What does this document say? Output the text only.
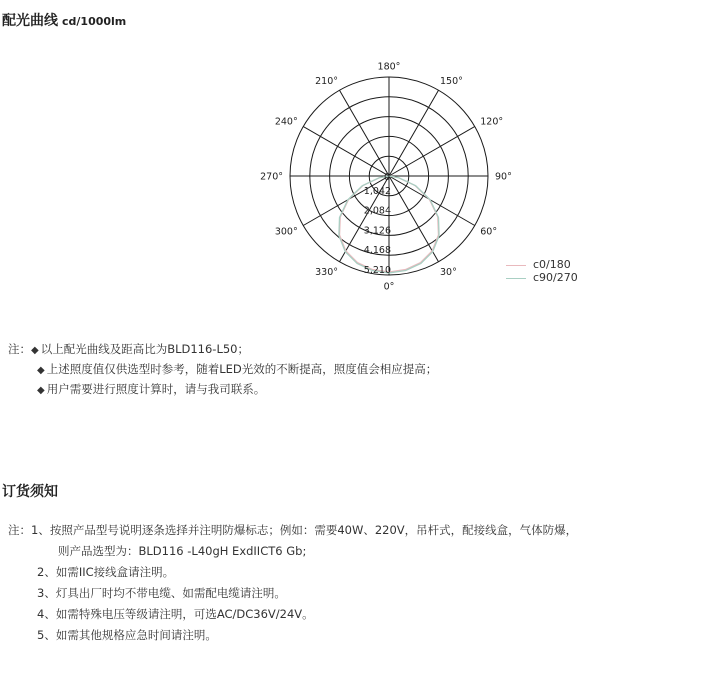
配光曲线 cd/1000lm
180°
150°
120°
90°
60°
30°
0°
330°
300°
270°
240°
210°
0
1,042
2,084
3,126
4,168
5,210	c0/180
c90/270
注：◆ 以上配光曲线及距高比为BLD116-L50；
◆ 上述照度值仅供选型时参考，随着LED光效的不断提高，照度值会相应提高；
◆ 用户需要进行照度计算时，请与我司联系。
订货须知
注：1、按照产品型号说明逐条选择并注明防爆标志；例如：需要40W、220V，吊杆式，配接线盒，气体防爆，
则产品选型为：BLD116 -L40gH ExdIICT6 Gb;
2、如需IIC接线盒请注明。
3、灯具出厂时均不带电缆、如需配电缆请注明。
4、如需特殊电压等级请注明，可选AC/DC36V/24V。
5、如需其他规格应急时间请注明。
